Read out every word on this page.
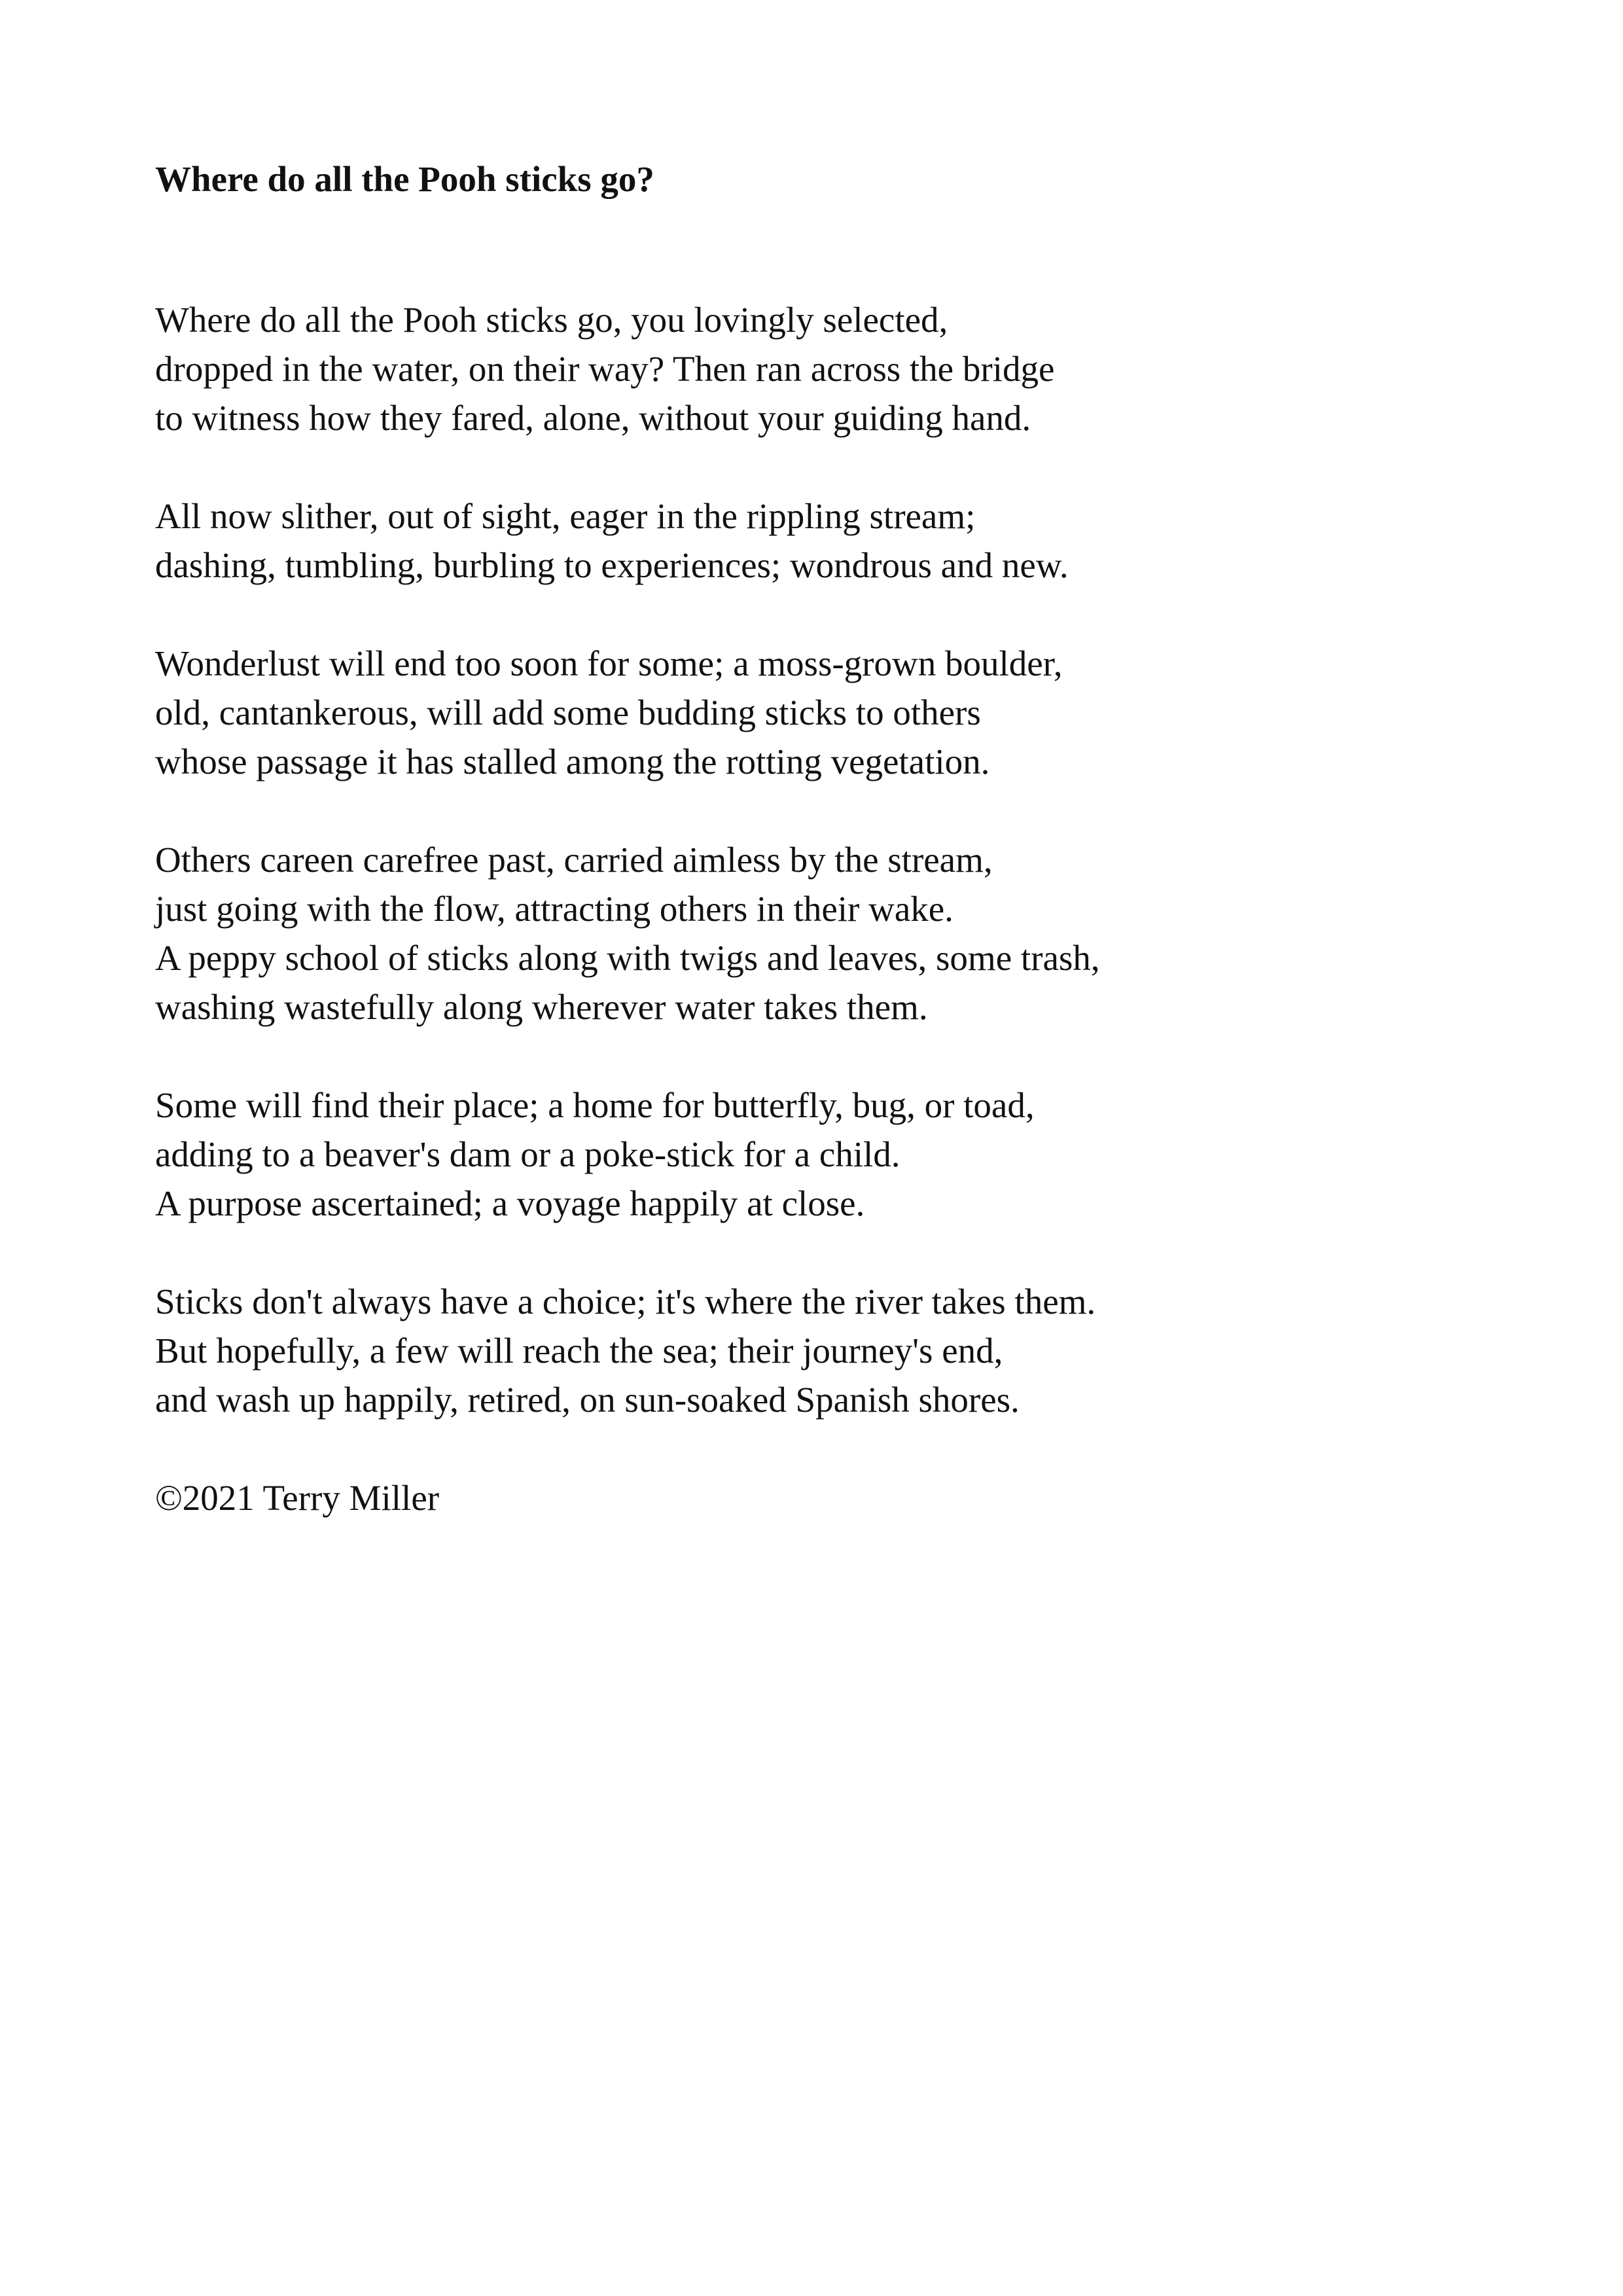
Where do all the Pooh sticks go?
Where do all the Pooh sticks go, you lovingly selected,
dropped in the water, on their way? Then ran across the bridge
to witness how they fared, alone, without your guiding hand.
All now slither, out of sight, eager in the rippling stream;
dashing, tumbling, burbling to experiences; wondrous and new.
Wonderlust will end too soon for some; a moss-grown boulder,
old, cantankerous, will add some budding sticks to others
whose passage it has stalled among the rotting vegetation.
Others careen carefree past, carried aimless by the stream,
just going with the flow, attracting others in their wake.
A peppy school of sticks along with twigs and leaves, some trash,
washing wastefully along wherever water takes them.
Some will find their place; a home for butterfly, bug, or toad,
adding to a beaver's dam or a poke-stick for a child.
A purpose ascertained; a voyage happily at close.
Sticks don't always have a choice; it's where the river takes them.
But hopefully, a few will reach the sea; their journey's end,
and wash up happily, retired, on sun-soaked Spanish shores.

©2021 Terry Miller
